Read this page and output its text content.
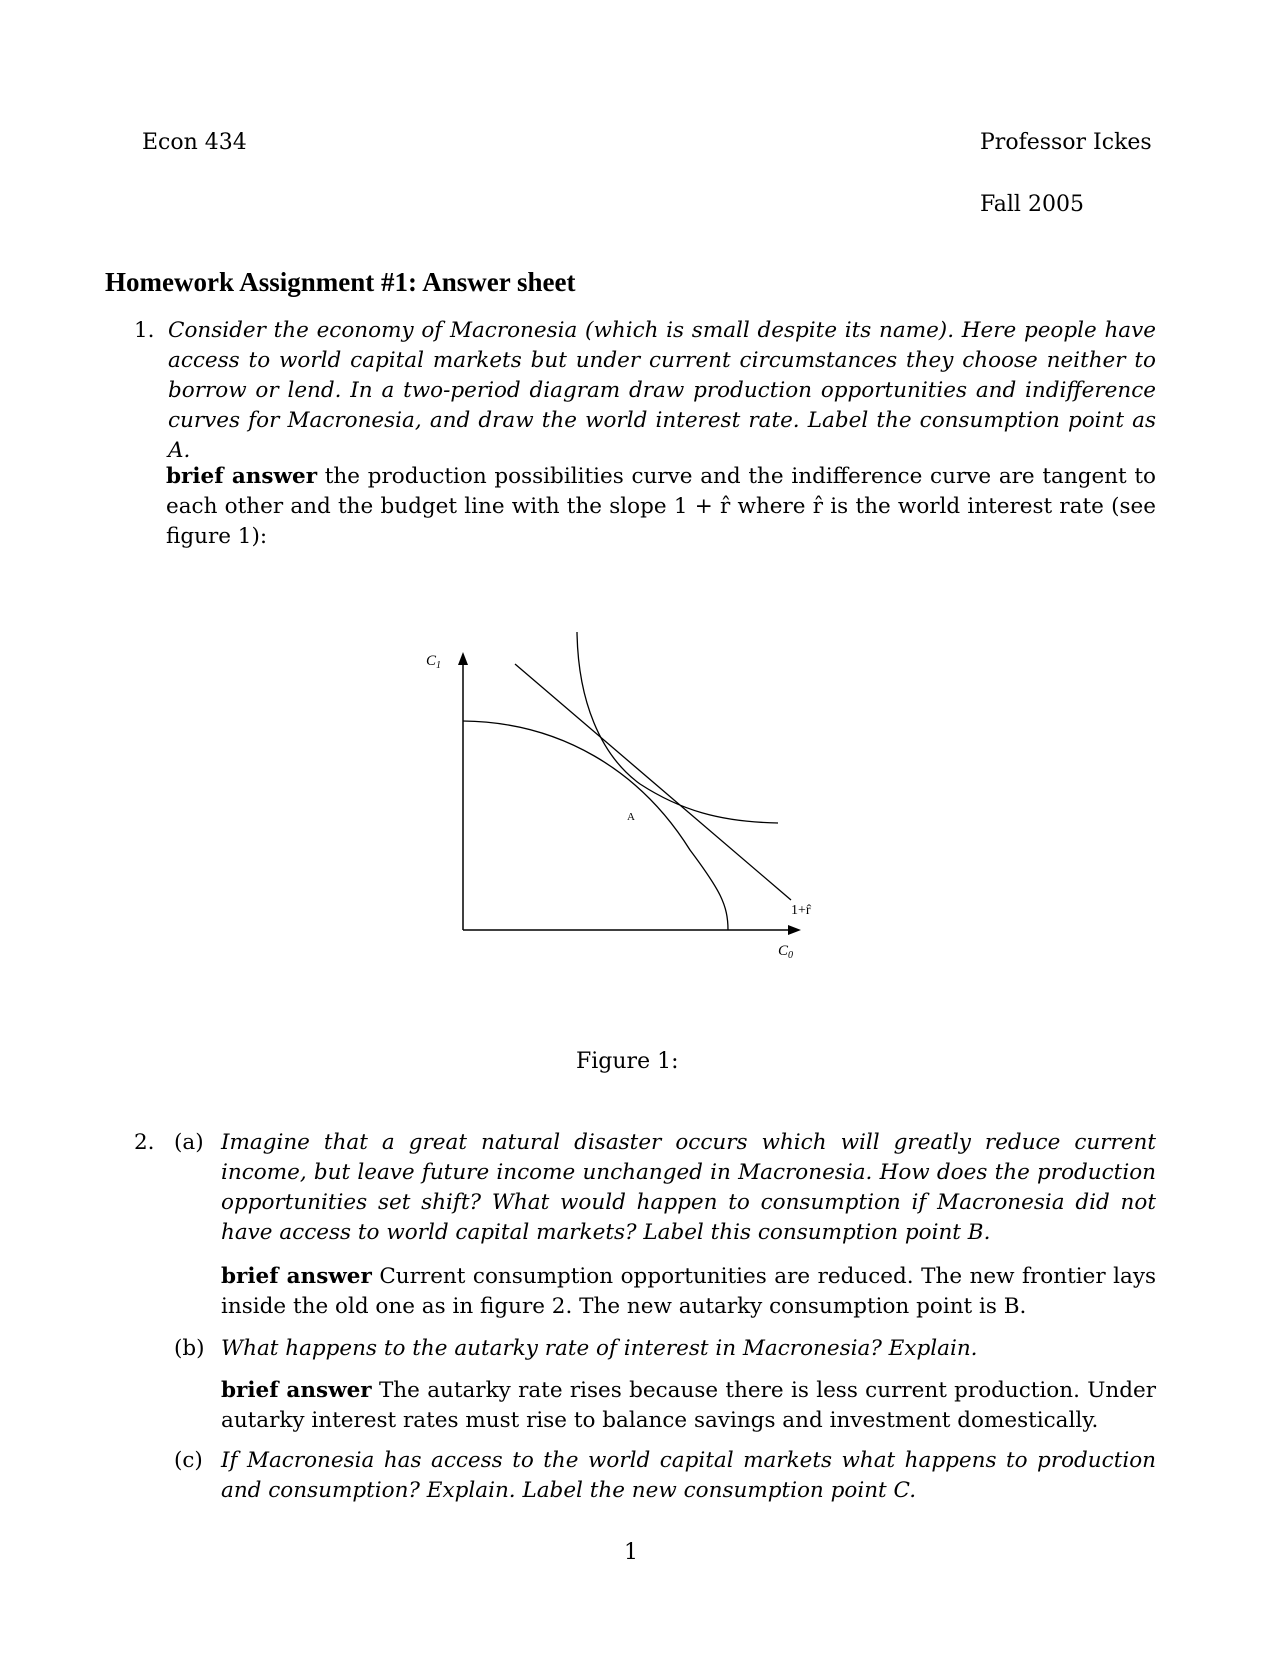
Econ 434	Professor Ickes
Fall 2005
Homework Assignment #1: Answer sheet
1. Consider the economy of Macronesia (which is small despite its name). Here people have access to world capital markets but under current circumstances they choose neither to borrow or lend. In a two-period diagram draw production opportunities and indifference curves for Macronesia, and draw the world interest rate. Label the consumption point as A.
brief answer the production possibilities curve and the indifference curve are tangent to each other and the budget line with the slope 1 + r̂ where r̂ is the world interest rate (see figure 1):
$C_1$
$C_0$
A
1+r̂
Figure 1:
2. (a) Imagine that a great natural disaster occurs which will greatly reduce current income, but leave future income unchanged in Macronesia. How does the production opportunities set shift? What would happen to consumption if Macronesia did not have access to world capital markets? Label this consumption point B.
brief answer Current consumption opportunities are reduced. The new frontier lays inside the old one as in figure 2. The new autarky consumption point is B.
(b) What happens to the autarky rate of interest in Macronesia? Explain.
brief answer The autarky rate rises because there is less current production. Under autarky interest rates must rise to balance savings and investment domestically.
(c) If Macronesia has access to the world capital markets what happens to production and consumption? Explain. Label the new consumption point C.
1
